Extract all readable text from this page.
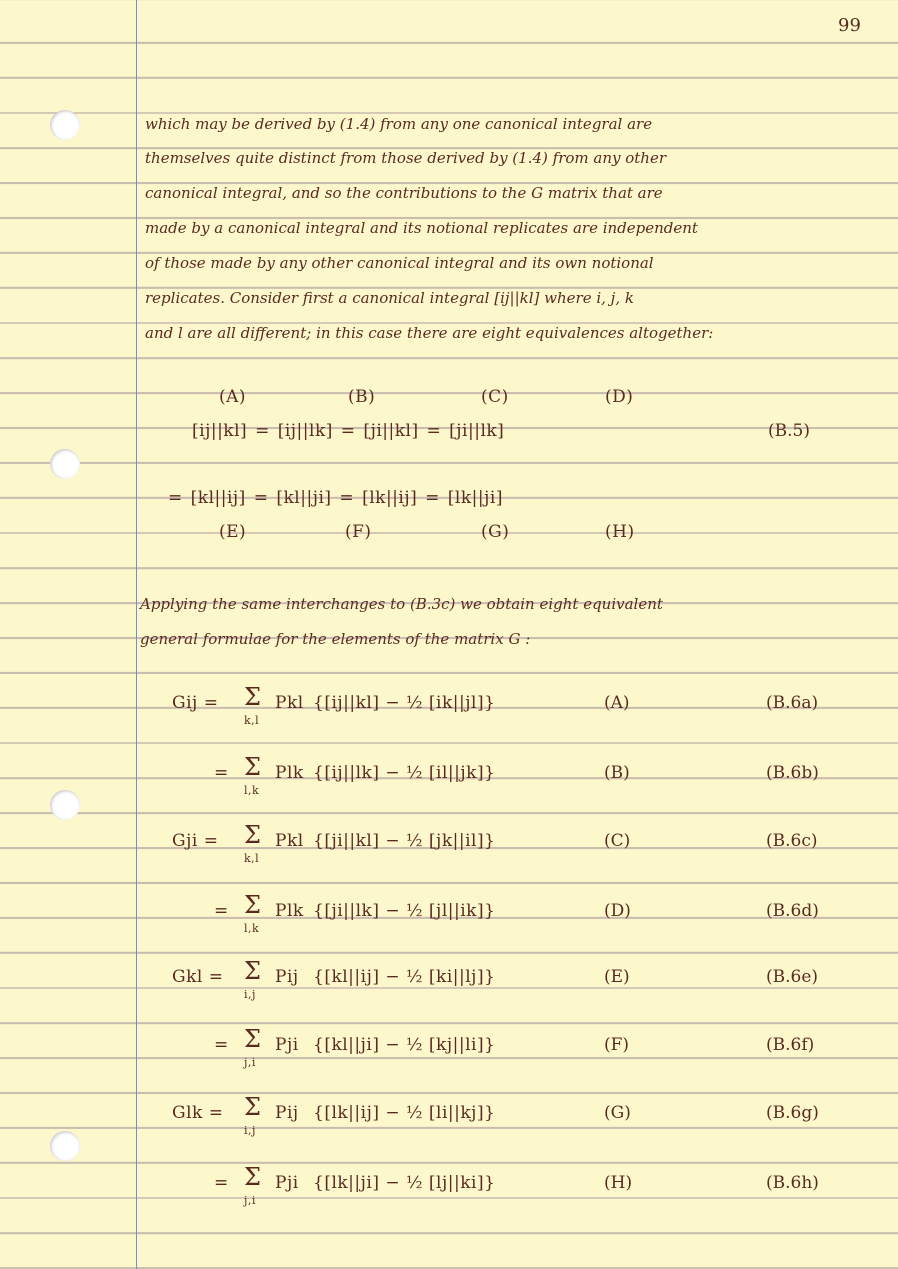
99
which may be derived by (1.4) from any one canonical integral are
themselves quite distinct from those derived by (1.4) from any other
canonical integral, and so the contributions to the G matrix that are
made by a canonical integral and its notional replicates are independent
of those made by any other canonical integral and its own notional
replicates. Consider first a canonical integral [ij||kl] where i, j, k
and l are all different; in this case there are eight equivalences altogether:
(A)	(B)	(C)	(D)
[ij||kl] = [ij||lk] = [ji||kl] = [ji||lk]	(B.5)
= [kl||ij] = [kl||ji] = [lk||ij] = [lk||ji]
(E)	(F)	(G)	(H)
Applying the same interchanges to (B.3c) we obtain eight equivalent
general formulae for the elements of the matrix G :
Gij = Σ
k,l
Pkl {[ij||kl] − ½ [ik||jl]}	(A)	(B.6a)
= Σ
l,k
Plk {[ij||lk] − ½ [il||jk]}	(B)	(B.6b)
Gji = Σ
k,l
Pkl {[ji||kl] − ½ [jk||il]}	(C)	(B.6c)
= Σ
l,k
Plk {[ji||lk] − ½ [jl||ik]}	(D)	(B.6d)
Gkl = Σ
i,j
Pij {[kl||ij] − ½ [ki||lj]}	(E)	(B.6e)
= Σ
j,i
Pji {[kl||ji] − ½ [kj||li]}	(F)	(B.6f)
Glk = Σ
i,j
Pij {[lk||ij] − ½ [li||kj]}	(G)	(B.6g)
= Σ
j,i
Pji {[lk||ji] − ½ [lj||ki]}	(H)	(B.6h)
